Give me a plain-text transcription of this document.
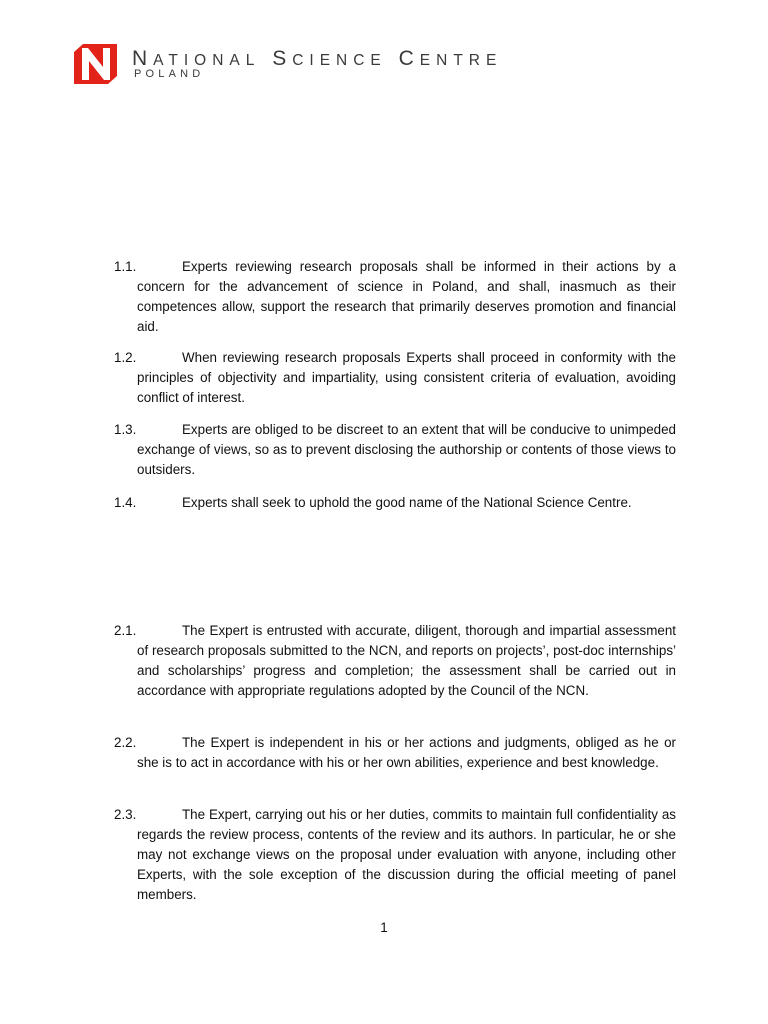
NATIONAL SCIENCE CENTRE
POLAND
1.1.	Experts reviewing research proposals shall be informed in their actions by a concern for the advancement of science in Poland, and shall, inasmuch as their competences allow, support the research that primarily deserves promotion and financial aid.
1.2.	When reviewing research proposals Experts shall proceed in conformity with the principles of objectivity and impartiality, using consistent criteria of evaluation, avoiding conflict of interest.
1.3.	Experts are obliged to be discreet to an extent that will be conducive to unimpeded exchange of views, so as to prevent disclosing the authorship or contents of those views to outsiders.
1.4.	Experts shall seek to uphold the good name of the National Science Centre.
2.1.	The Expert is entrusted with accurate, diligent, thorough and impartial assessment of research proposals submitted to the NCN, and reports on projects’, post-doc internships’ and scholarships’ progress and completion; the assessment shall be carried out in accordance with appropriate regulations adopted by the Council of the NCN.
2.2.	The Expert is independent in his or her actions and judgments, obliged as he or she is to act in accordance with his or her own abilities, experience and best knowledge.
2.3.	The Expert, carrying out his or her duties, commits to maintain full confidentiality as regards the review process, contents of the review and its authors. In particular, he or she may not exchange views on the proposal under evaluation with anyone, including other Experts, with the sole exception of the discussion during the official meeting of panel members.
1
